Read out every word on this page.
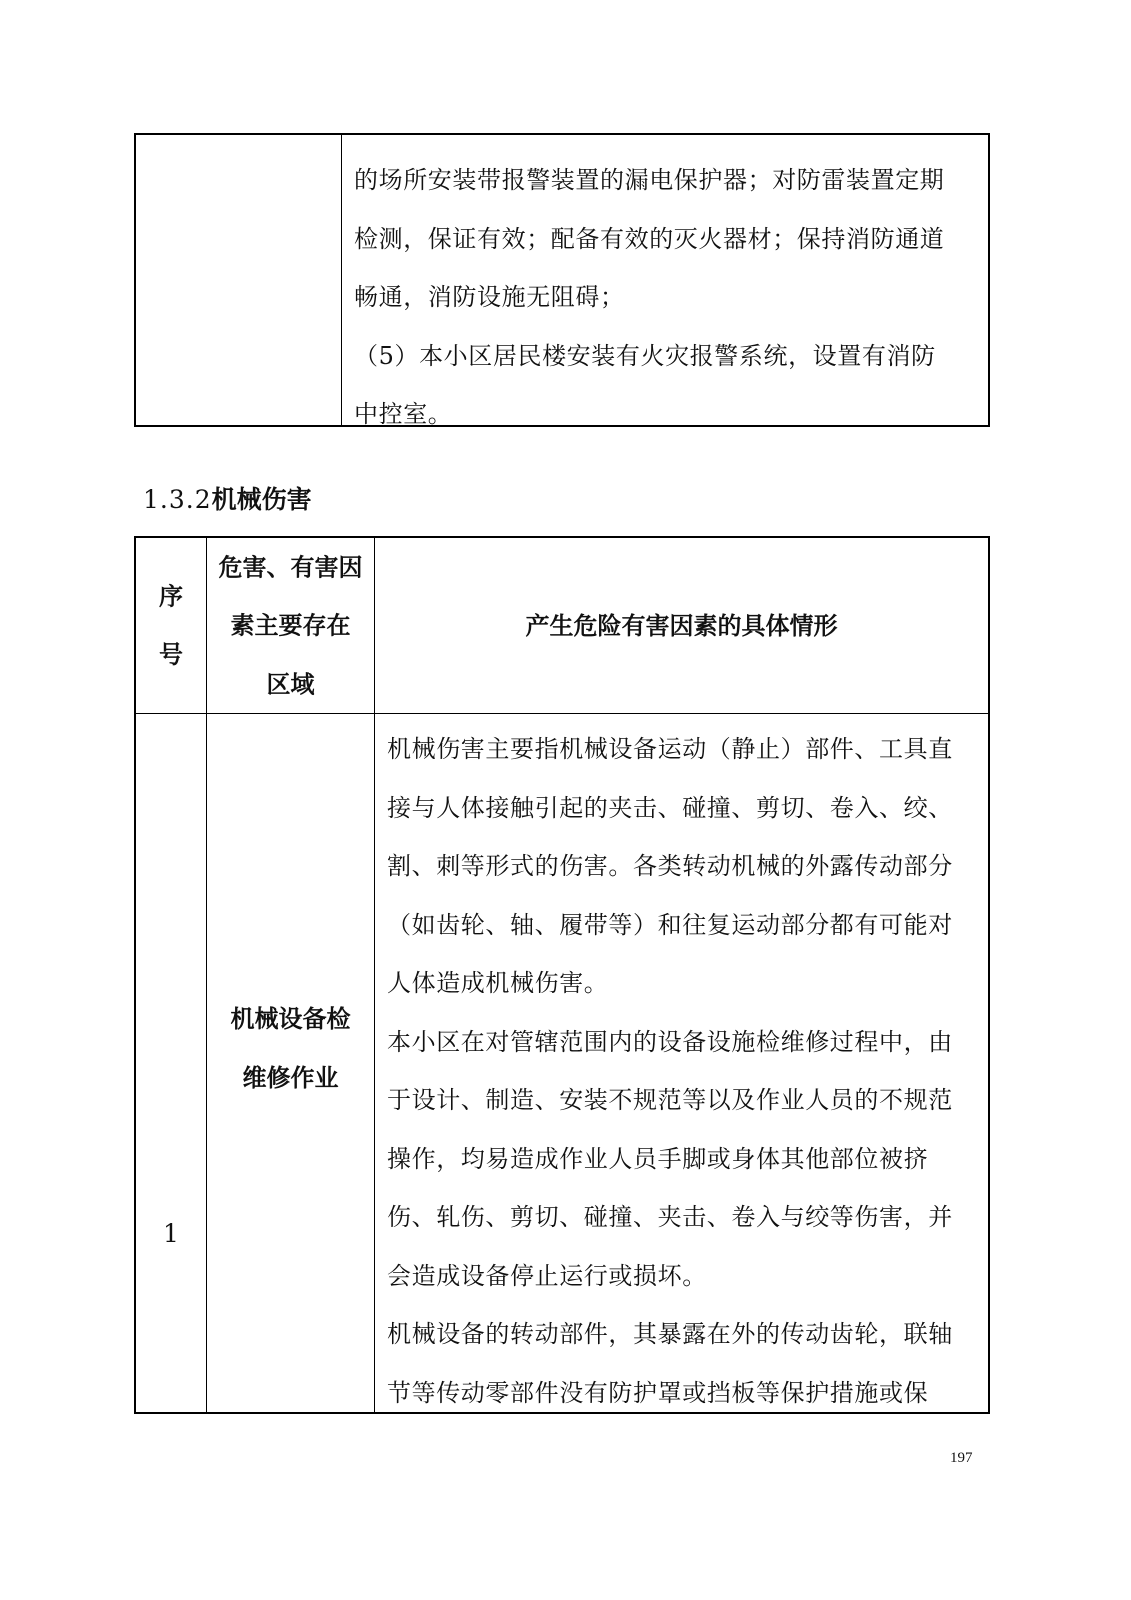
的场所安装带报警装置的漏电保护器；对防雷装置定期
检测，保证有效；配备有效的灭火器材；保持消防通道
畅通，消防设施无阻碍；
（5）本小区居民楼安装有火灾报警系统，设置有消防
中控室。
1.3.2机械伤害
序
号
危害、有害因
素主要存在
区域
产生危险有害因素的具体情形
1
机械设备检
维修作业
机械伤害主要指机械设备运动（静止）部件、工具直
接与人体接触引起的夹击、碰撞、剪切、卷入、绞、
割、刺等形式的伤害。各类转动机械的外露传动部分
（如齿轮、轴、履带等）和往复运动部分都有可能对
人体造成机械伤害。
本小区在对管辖范围内的设备设施检维修过程中，由
于设计、制造、安装不规范等以及作业人员的不规范
操作，均易造成作业人员手脚或身体其他部位被挤
伤、轧伤、剪切、碰撞、夹击、卷入与绞等伤害，并
会造成设备停止运行或损坏。
机械设备的转动部件，其暴露在外的传动齿轮，联轴
节等传动零部件没有防护罩或挡板等保护措施或保
197
